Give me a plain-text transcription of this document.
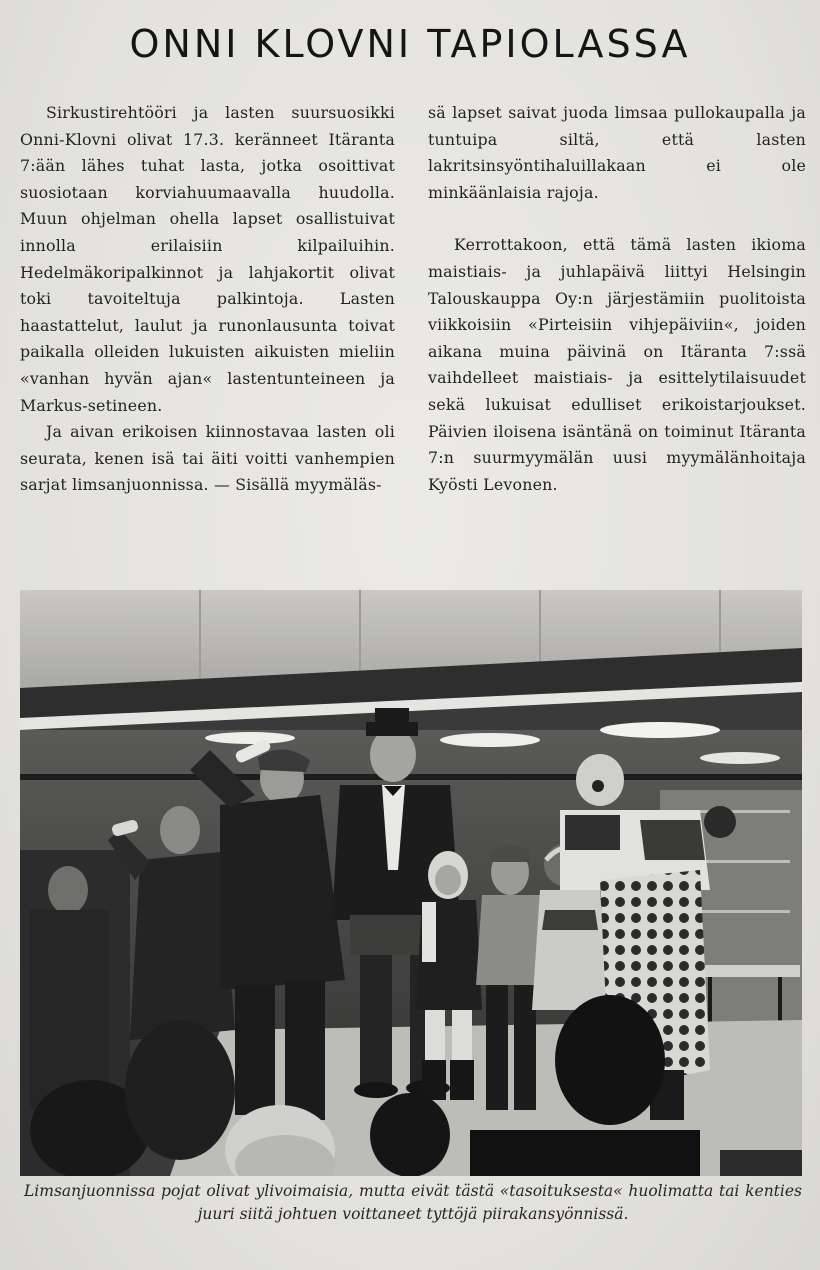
ONNI KLOVNI TAPIOLASSA

Sirkustirehtööri ja lasten suursuosikki Onni-Klovni olivat 17.3. keränneet Itäranta 7:ään lähes tuhat lasta, jotka osoittivat suosiotaan korviahuumaavalla huudolla. Muun ohjelman ohella lapset osallistuivat innolla erilaisiin kilpailuihin. Hedelmäkoripalkinnot ja lahjakortit olivat toki tavoiteltuja palkintoja. Lasten haastattelut, laulut ja runonlausunta toivat paikalla olleiden lukuisten aikuisten mieliin «vanhan hyvän ajan« lastentunteineen ja Markus-setineen.

Ja aivan erikoisen kiinnostavaa lasten oli seurata, kenen isä tai äiti voitti vanhempien sarjat limsanjuonnissa. — Sisällä myymäläs-

sä lapset saivat juoda limsaa pullokaupalla ja tuntuipa siltä, että lasten lakritsinsyöntihaluillakaan ei ole minkäänlaisia rajoja.

Kerrottakoon, että tämä lasten ikioma maistiais- ja juhlapäivä liittyi Helsingin Talouskauppa Oy:n järjestämiin puolitoista viikkoisiin «Pirteisiin vihjepäiviin«, joiden aikana muina päivinä on Itäranta 7:ssä vaihdelleet maistiais- ja esittelytilaisuudet sekä lukuisat edulliset erikoistarjoukset. Päivien iloisena isäntänä on toiminut Itäranta 7:n suurmyymälän uusi myymälänhoitaja Kyösti Levonen.

Limsanjuonnissa pojat olivat ylivoimaisia, mutta eivät tästä «tasoituksesta« huolimatta tai kenties juuri siitä johtuen voittaneet tyttöjä piirakansyönnissä.
